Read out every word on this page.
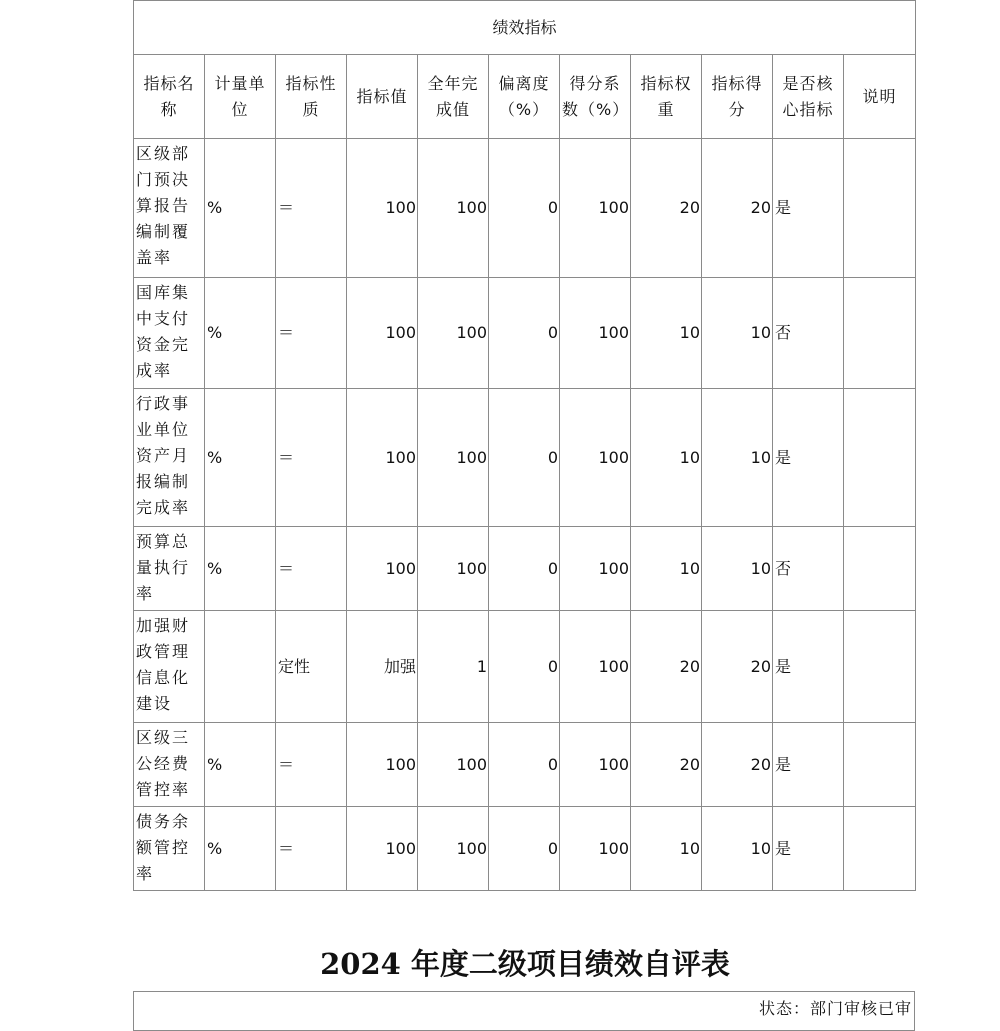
绩效指标										
指标名称	计量单位	指标性质	指标值	全年完成值	偏离度（%）	得分系数（%）	指标权重	指标得分	是否核心指标	说明
区级部门预决算报告编制覆盖率	%	＝	100	100	0	100	20	20	是	
国库集中支付资金完成率	%	＝	100	100	0	100	10	10	否	
行政事业单位资产月报编制完成率	%	＝	100	100	0	100	10	10	是	
预算总量执行率	%	＝	100	100	0	100	10	10	否	
加强财政管理信息化建设		定性	加强	1	0	100	20	20	是	
区级三公经费管控率	%	＝	100	100	0	100	20	20	是	
债务余额管控率	%	＝	100	100	0	100	10	10	是	
2024 年度二级项目绩效自评表
状态：部门审核已审
